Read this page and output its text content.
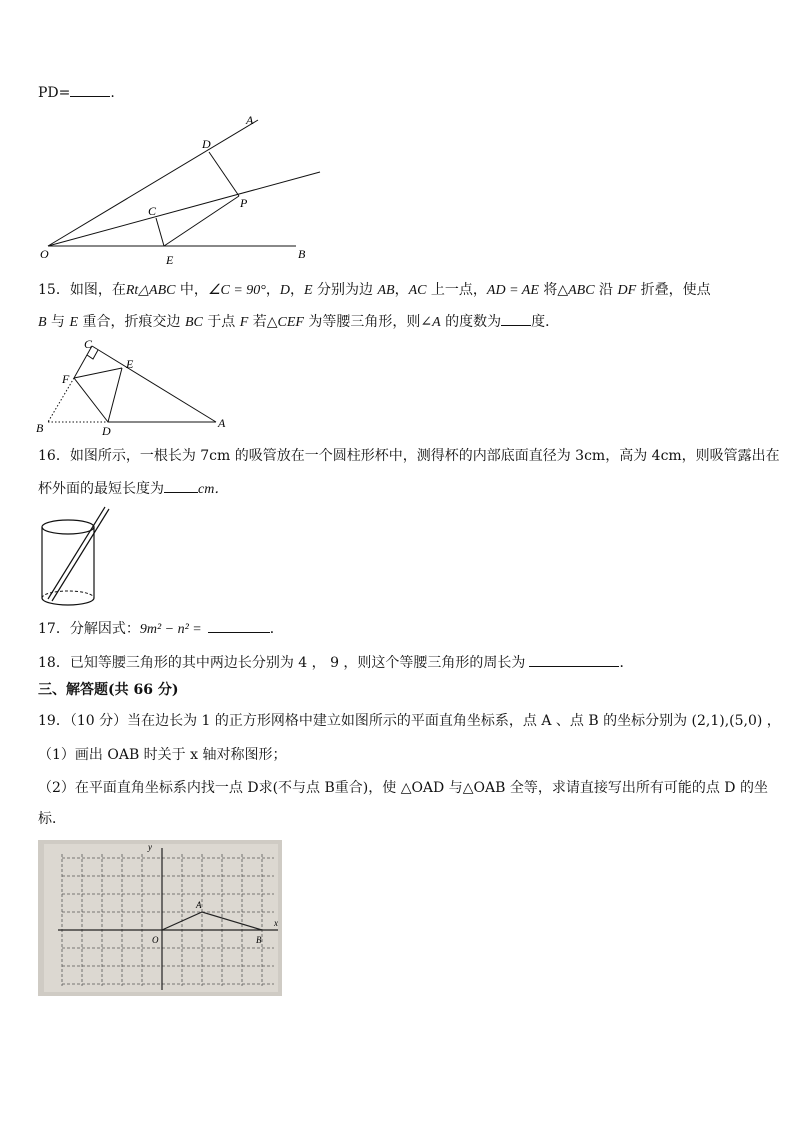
PD=	.
A
D
P
C
O	E	B
15．如图，在Rt△ABC 中，∠C = 90°，D，E 分别为边 AB，AC 上一点，AD = AE 将△ABC 沿 DF 折叠，使点
B 与 E 重合，折痕交边 BC 于点 F 若△CEF 为等腰三角形，则∠A 的度数为 度．
C
E
F
B	D
A
16．如图所示，一根长为 7cm 的吸管放在一个圆柱形杯中，测得杯的内部底面直径为 3cm，高为 4cm，则吸管露出在
杯外面的最短长度为 cm．
17．分解因式：9m² − n² =	．
18．已知等腰三角形的其中两边长分别为 4 ， 9 ，则这个等腰三角形的周长为	．
三、解答题(共 66 分)
19．（10 分）当在边长为 1 的正方形网格中建立如图所示的平面直角坐标系，点 A 、点 B 的坐标分别为 (2,1),(5,0) ，
（1）画出 OAB 时关于 x 轴对称图形；
（2）在平面直角坐标系内找一点 D求(不与点 B重合)，使 △OAD 与△OAB 全等，求请直接写出所有可能的点 D 的坐
标．
y
A
O	B
x
